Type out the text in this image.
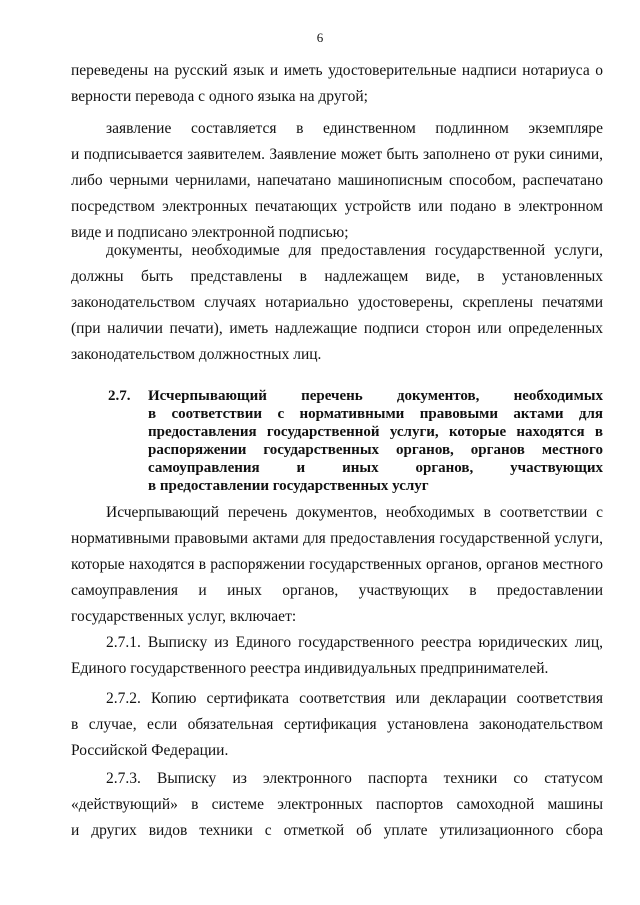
6
переведены на русский язык и иметь удостоверительные надписи нотариуса о
верности перевода с одного языка на другой;
заявление составляется в единственном подлинном экземпляре
и подписывается заявителем. Заявление может быть заполнено от руки синими,
либо черными чернилами, напечатано машинописным способом, распечатано
посредством электронных печатающих устройств или подано в электронном
виде и подписано электронной подписью;
документы, необходимые для предоставления государственной услуги,
должны быть представлены в надлежащем виде, в установленных
законодательством случаях нотариально удостоверены, скреплены печатями
(при наличии печати), иметь надлежащие подписи сторон или определенных
законодательством должностных лиц.
2.7. Исчерпывающий перечень документов, необходимых
в соответствии с нормативными правовыми актами для
предоставления государственной услуги, которые находятся в
распоряжении государственных органов, органов местного
самоуправления и иных органов, участвующих
в предоставлении государственных услуг
Исчерпывающий перечень документов, необходимых в соответствии с
нормативными правовыми актами для предоставления государственной услуги,
которые находятся в распоряжении государственных органов, органов местного
самоуправления и иных органов, участвующих в предоставлении
государственных услуг, включает:
2.7.1. Выписку из Единого государственного реестра юридических лиц,
Единого государственного реестра индивидуальных предпринимателей.
2.7.2. Копию сертификата соответствия или декларации соответствия
в случае, если обязательная сертификация установлена законодательством
Российской Федерации.
2.7.3. Выписку из электронного паспорта техники со статусом
«действующий» в системе электронных паспортов самоходной машины
и других видов техники с отметкой об уплате утилизационного сбора
